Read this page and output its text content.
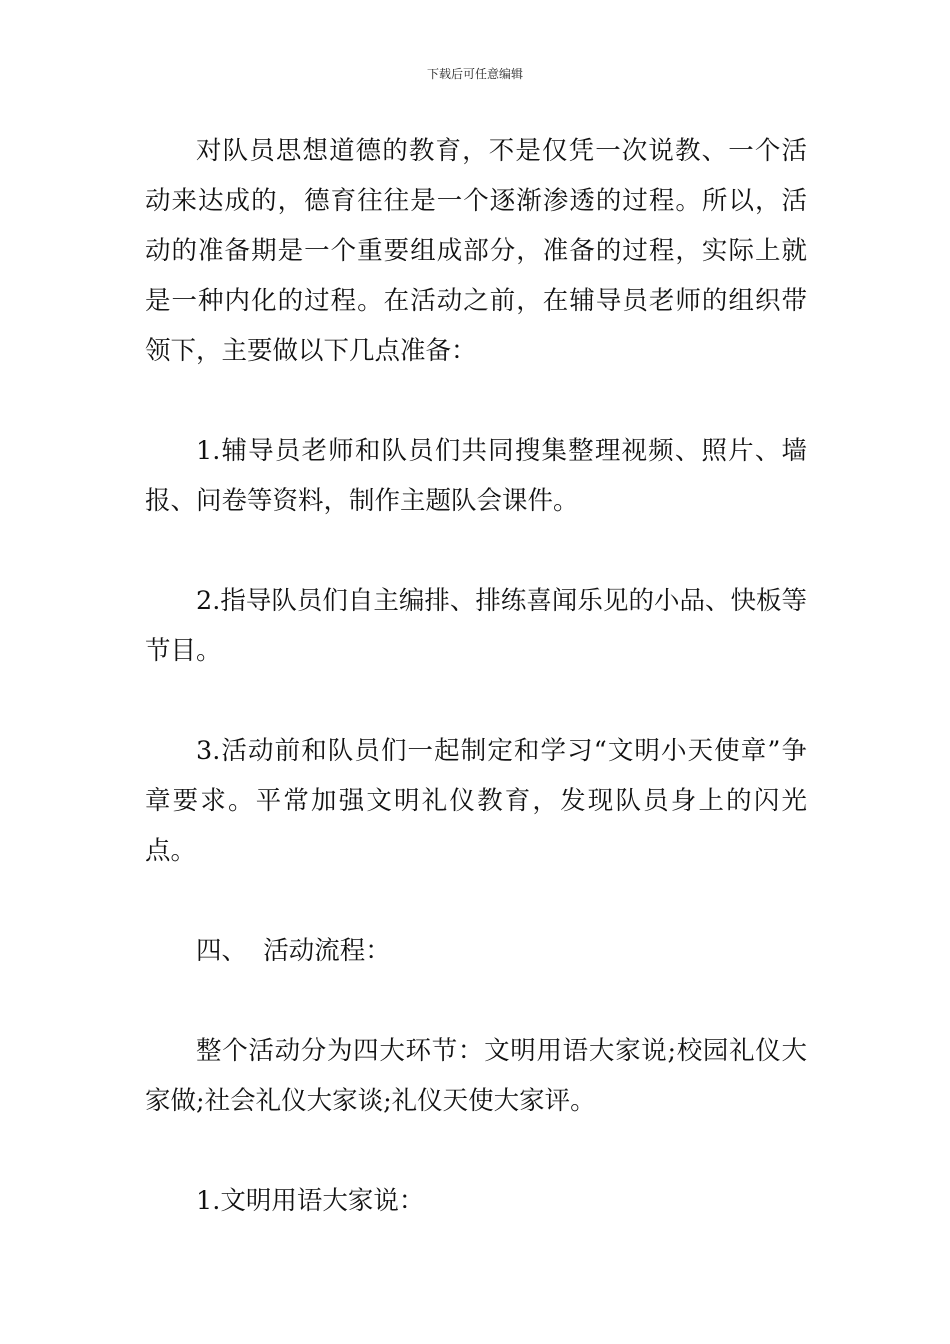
下载后可任意编辑

对队员思想道德的教育，不是仅凭一次说教、一个活动来达成的，德育往往是一个逐渐渗透的过程。所以，活动的准备期是一个重要组成部分，准备的过程，实际上就是一种内化的过程。在活动之前，在辅导员老师的组织带领下，主要做以下几点准备：

1.辅导员老师和队员们共同搜集整理视频、照片、墙报、问卷等资料，制作主题队会课件。

2.指导队员们自主编排、排练喜闻乐见的小品、快板等节目。

3.活动前和队员们一起制定和学习“文明小天使章”争章要求。平常加强文明礼仪教育，发现队员身上的闪光点。

四、  活动流程：

整个活动分为四大环节：文明用语大家说;校园礼仪大家做;社会礼仪大家谈;礼仪天使大家评。

1.文明用语大家说：
